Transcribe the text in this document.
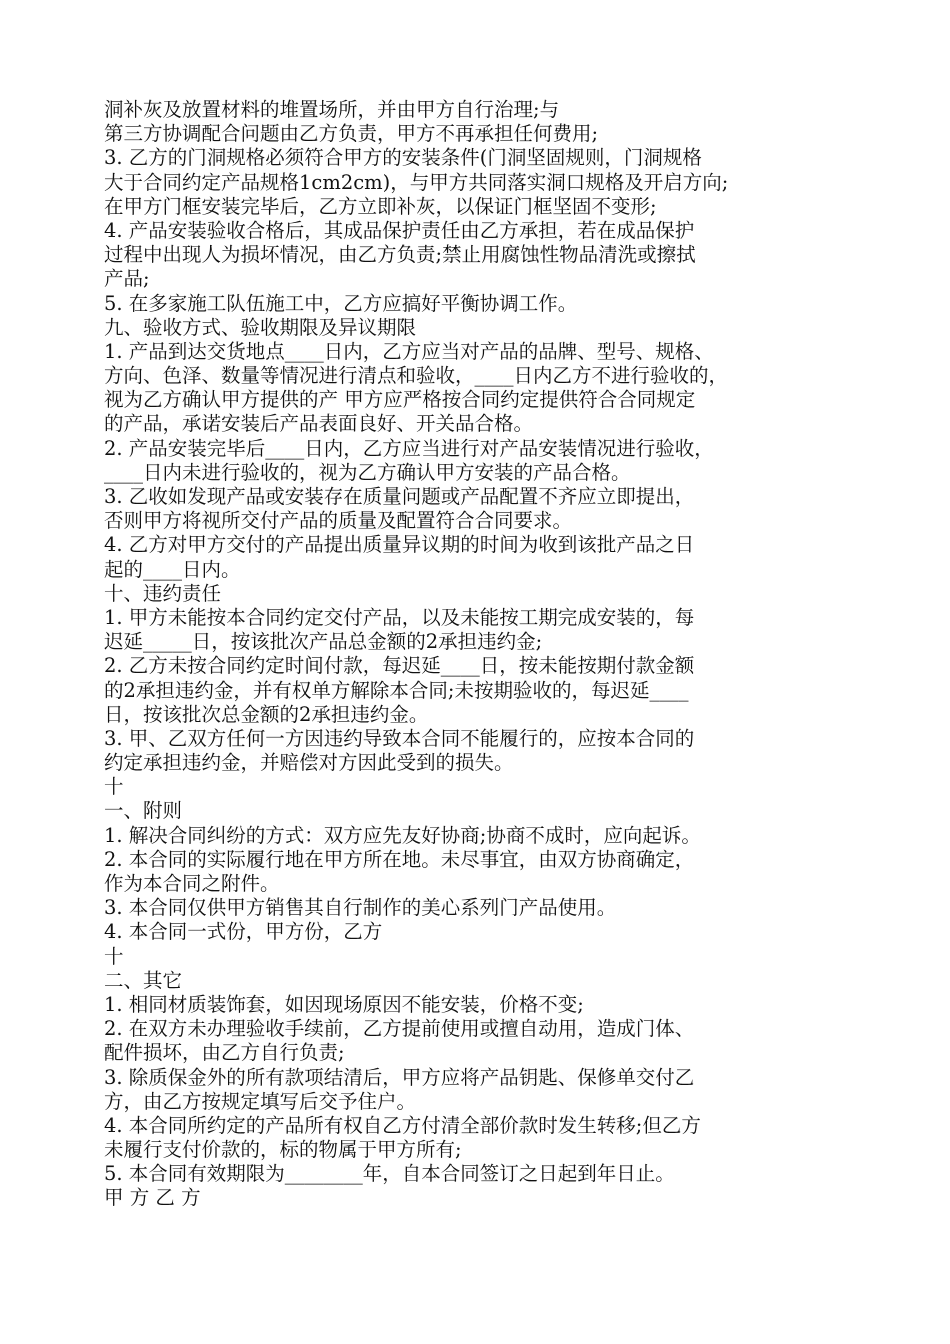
洞补灰及放置材料的堆置场所，并由甲方自行治理;与
第三方协调配合问题由乙方负责，甲方不再承担任何费用;
3. 乙方的门洞规格必须符合甲方的安装条件(门洞坚固规则，门洞规格
大于合同约定产品规格1cm2cm)，与甲方共同落实洞口规格及开启方向;
在甲方门框安装完毕后，乙方立即补灰，以保证门框坚固不变形;
4. 产品安装验收合格后，其成品保护责任由乙方承担，若在成品保护
过程中出现人为损坏情况，由乙方负责;禁止用腐蚀性物品清洗或擦拭
产品;
5. 在多家施工队伍施工中，乙方应搞好平衡协调工作。
九、验收方式、验收期限及异议期限
1. 产品到达交货地点____日内，乙方应当对产品的品牌、型号、规格、
方向、色泽、数量等情况进行清点和验收，____日内乙方不进行验收的，
视为乙方确认甲方提供的产 甲方应严格按合同约定提供符合合同规定
的产品，承诺安装后产品表面良好、开关品合格。
2. 产品安装完毕后____日内，乙方应当进行对产品安装情况进行验收，
____日内未进行验收的，视为乙方确认甲方安装的产品合格。
3. 乙收如发现产品或安装存在质量问题或产品配置不齐应立即提出，
否则甲方将视所交付产品的质量及配置符合合同要求。
4. 乙方对甲方交付的产品提出质量异议期的时间为收到该批产品之日
起的____日内。
十、违约责任
1. 甲方未能按本合同约定交付产品，以及未能按工期完成安装的，每
迟延_____日，按该批次产品总金额的2承担违约金;
2. 乙方未按合同约定时间付款，每迟延____日，按未能按期付款金额
的2承担违约金，并有权单方解除本合同;未按期验收的，每迟延____
日，按该批次总金额的2承担违约金。
3. 甲、乙双方任何一方因违约导致本合同不能履行的，应按本合同的
约定承担违约金，并赔偿对方因此受到的损失。
十
一、附则
1. 解决合同纠纷的方式：双方应先友好协商;协商不成时，应向起诉。
2. 本合同的实际履行地在甲方所在地。未尽事宜，由双方协商确定，
作为本合同之附件。
3. 本合同仅供甲方销售其自行制作的美心系列门产品使用。
4. 本合同一式份，甲方份，乙方
十
二、其它
1. 相同材质装饰套，如因现场原因不能安装，价格不变;
2. 在双方未办理验收手续前，乙方提前使用或擅自动用，造成门体、
配件损坏，由乙方自行负责;
3. 除质保金外的所有款项结清后，甲方应将产品钥匙、保修单交付乙
方，由乙方按规定填写后交予住户。
4. 本合同所约定的产品所有权自乙方付清全部价款时发生转移;但乙方
未履行支付价款的，标的物属于甲方所有;
5. 本合同有效期限为________年，自本合同签订之日起到年日止。
甲 方 乙 方
